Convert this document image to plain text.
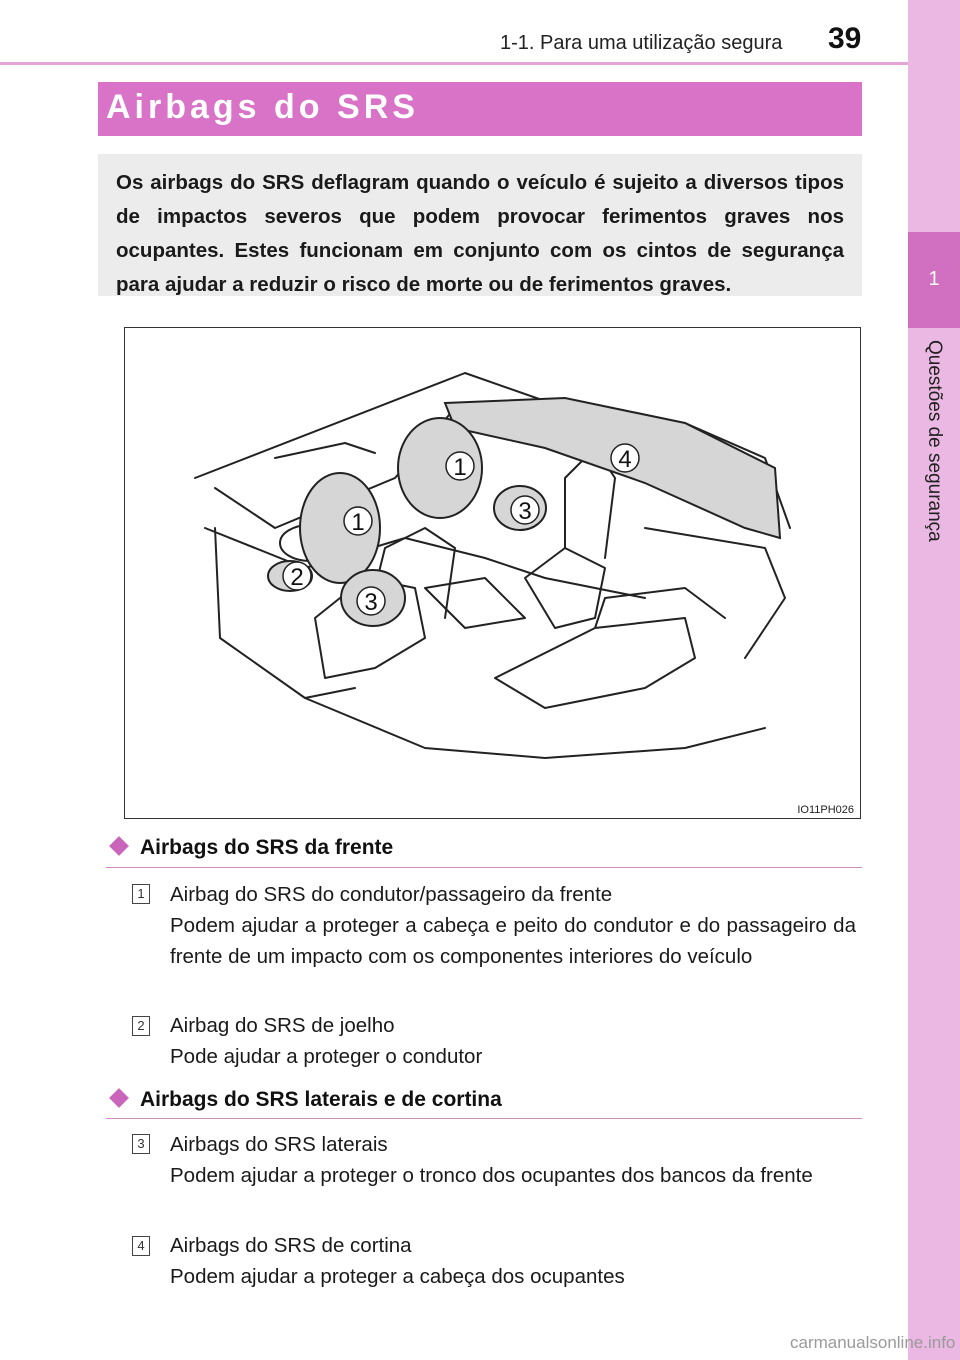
1-1. Para uma utilização segura 39
1
Questões de segurança
Airbags do SRS
Os airbags do SRS deflagram quando o veículo é sujeito a diversos tipos de impactos severos que podem provocar ferimentos graves nos ocupantes. Estes funcionam em conjunto com os cintos de segurança para ajudar a reduzir o risco de morte ou de ferimentos graves.
1
1
2
3
3
4
IO11PH026
Airbags do SRS da frente
1 Airbag do SRS do condutor/passageiro da frente
Podem ajudar a proteger a cabeça e peito do condutor e do passageiro da frente de um impacto com os componentes interiores do veículo
2 Airbag do SRS de joelho
Pode ajudar a proteger o condutor
Airbags do SRS laterais e de cortina
3 Airbags do SRS laterais
Podem ajudar a proteger o tronco dos ocupantes dos bancos da frente
4 Airbags do SRS de cortina
Podem ajudar a proteger a cabeça dos ocupantes
carmanualsonline.info
